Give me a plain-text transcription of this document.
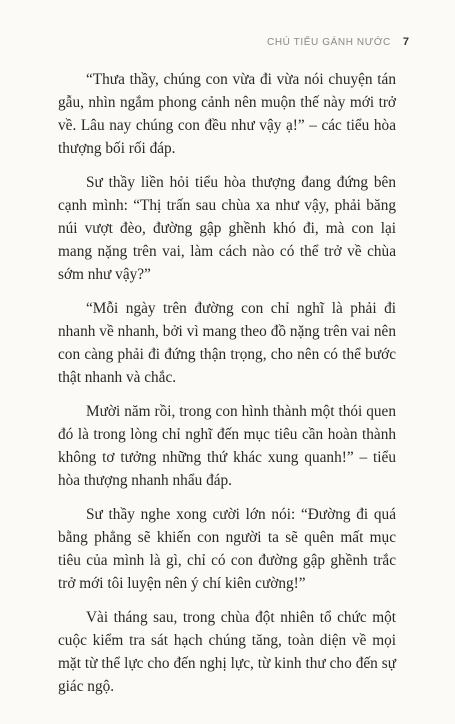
CHÚ TIỂU GÁNH NƯỚC 7

“Thưa thầy, chúng con vừa đi vừa nói chuyện tán gẫu, nhìn ngắm phong cảnh nên muộn thế này mới trở về. Lâu nay chúng con đều như vậy ạ!” – các tiểu hòa thượng bối rối đáp.

Sư thầy liền hỏi tiểu hòa thượng đang đứng bên cạnh mình: “Thị trấn sau chùa xa như vậy, phải băng núi vượt đèo, đường gập ghềnh khó đi, mà con lại mang nặng trên vai, làm cách nào có thể trở về chùa sớm như vậy?”

“Mỗi ngày trên đường con chỉ nghĩ là phải đi nhanh về nhanh, bởi vì mang theo đồ nặng trên vai nên con càng phải đi đứng thận trọng, cho nên có thể bước thật nhanh và chắc.

Mười năm rồi, trong con hình thành một thói quen đó là trong lòng chỉ nghĩ đến mục tiêu cần hoàn thành không tơ tưởng những thứ khác xung quanh!” – tiểu hòa thượng nhanh nhẩu đáp.

Sư thầy nghe xong cười lớn nói: “Đường đi quá bằng phẳng sẽ khiến con người ta sẽ quên mất mục tiêu của mình là gì, chỉ có con đường gập ghềnh trắc trở mới tôi luyện nên ý chí kiên cường!”

Vài tháng sau, trong chùa đột nhiên tổ chức một cuộc kiểm tra sát hạch chúng tăng, toàn diện về mọi mặt từ thể lực cho đến nghị lực, từ kinh thư cho đến sự giác ngộ.
